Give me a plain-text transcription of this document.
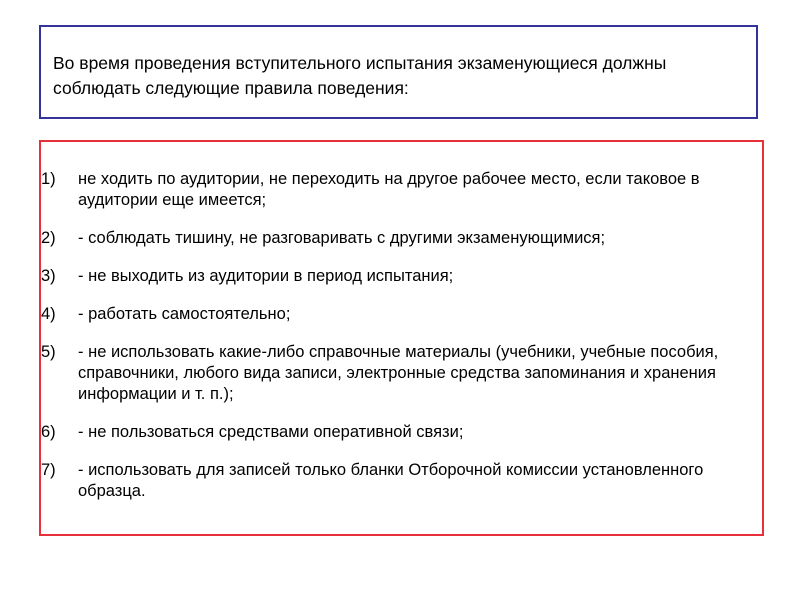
Во время проведения вступительного испытания экзаменующиеся должны соблюдать следующие правила поведения:
1)	не ходить по аудитории, не переходить на другое рабочее место, если таковое в аудитории еще имеется;
2)	- соблюдать тишину, не разговаривать с другими экзаменующимися;
3)	- не выходить из аудитории в период испытания;
4)	- работать самостоятельно;
5)	- не использовать какие-либо справочные материалы (учебники, учебные пособия, справочники, любого вида записи, электронные средства запоминания и хранения информации и т. п.);
6)	- не пользоваться средствами оперативной связи;
7)	- использовать для записей только бланки Отборочной комиссии установленного образца.
